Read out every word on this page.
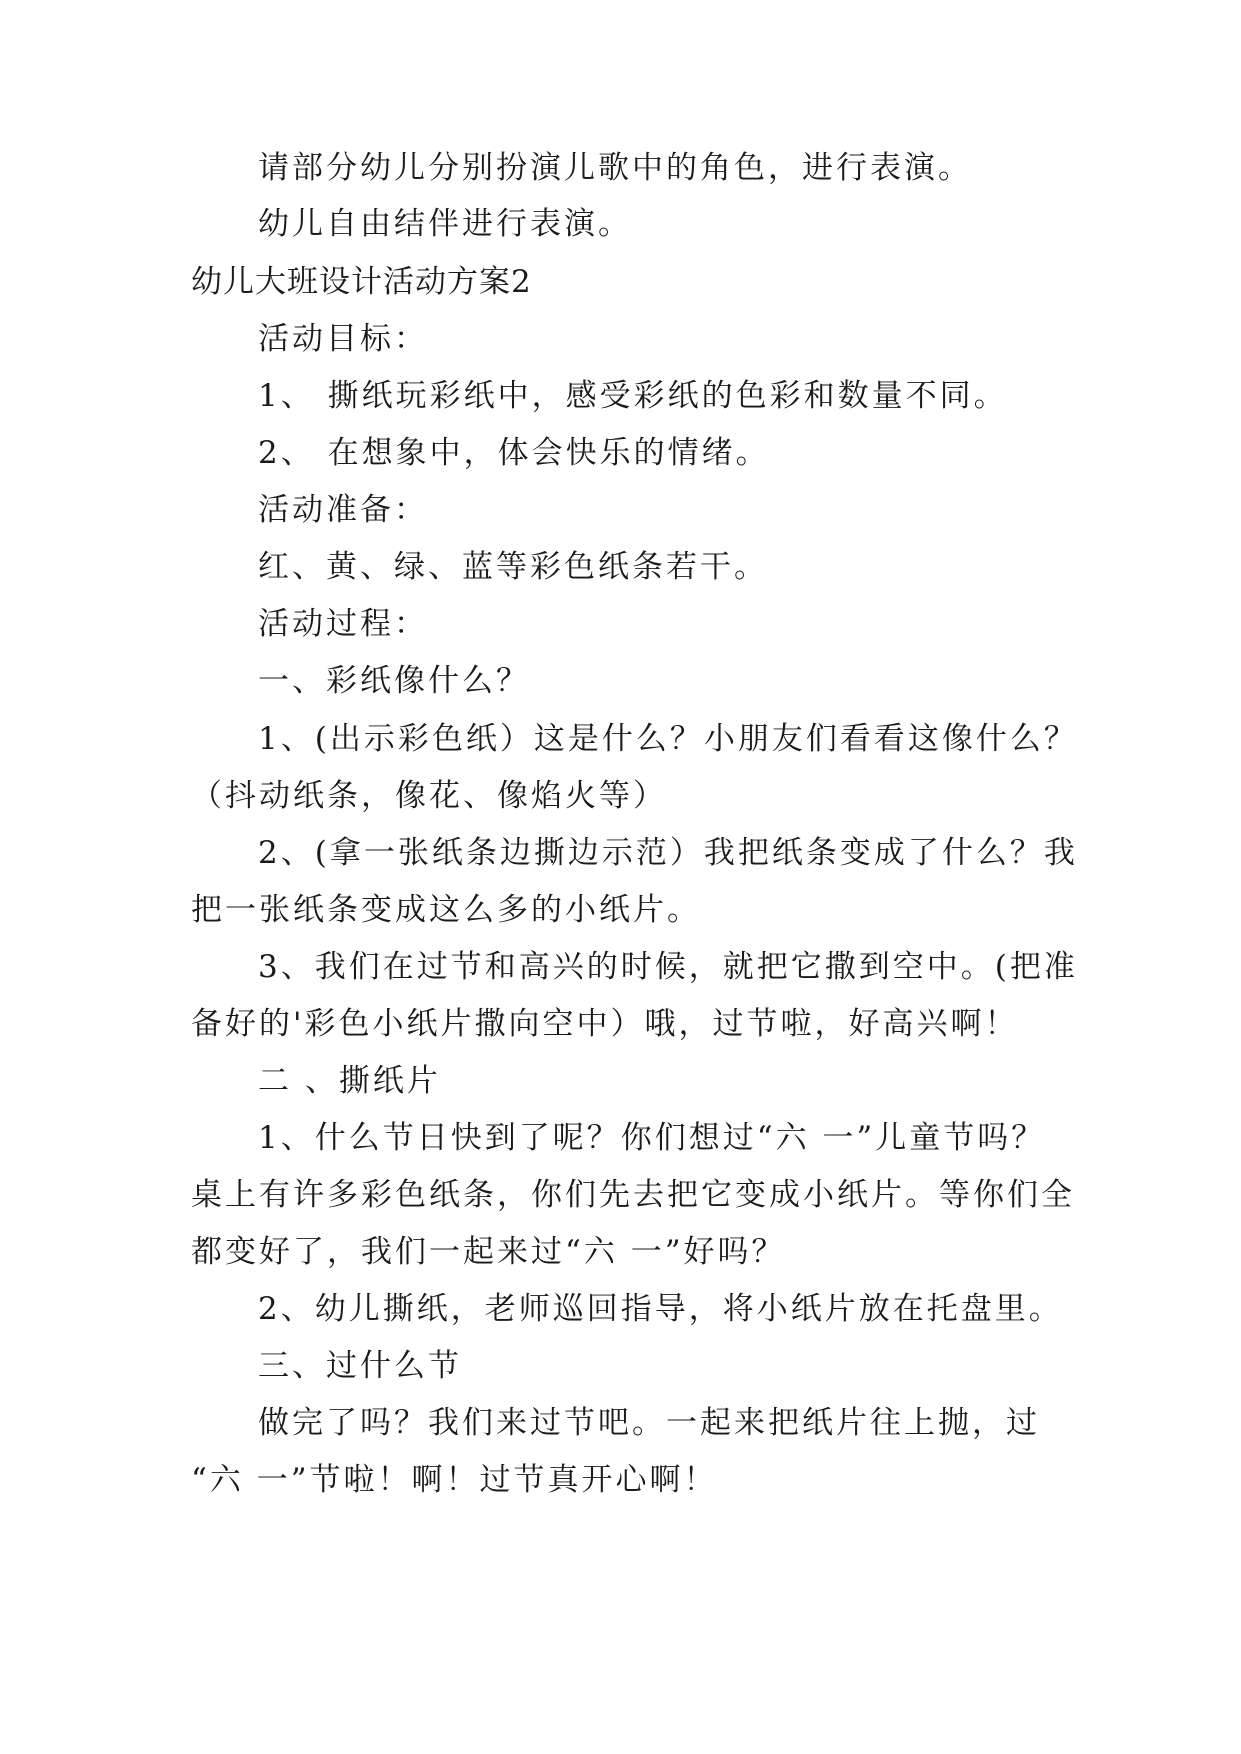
请部分幼儿分别扮演儿歌中的角色，进行表演。
幼儿自由结伴进行表演。
幼儿大班设计活动方案2
活动目标：
1、 撕纸玩彩纸中，感受彩纸的色彩和数量不同。
2、 在想象中，体会快乐的情绪。
活动准备：
红、黄、绿、蓝等彩色纸条若干。
活动过程：
一、彩纸像什么？
1、(出示彩色纸）这是什么？小朋友们看看这像什么？
（抖动纸条，像花、像焰火等）
2、(拿一张纸条边撕边示范）我把纸条变成了什么？我
把一张纸条变成这么多的小纸片。
3、我们在过节和高兴的时候，就把它撒到空中。(把准
备好的'彩色小纸片撒向空中）哦，过节啦，好高兴啊！
二 、撕纸片
1、什么节日快到了呢？你们想过“六 一”儿童节吗？
桌上有许多彩色纸条，你们先去把它变成小纸片。等你们全
都变好了，我们一起来过“六 一”好吗？
2、幼儿撕纸，老师巡回指导，将小纸片放在托盘里。
三、过什么节
做完了吗？我们来过节吧。一起来把纸片往上抛，过
“六 一”节啦！啊！过节真开心啊！
